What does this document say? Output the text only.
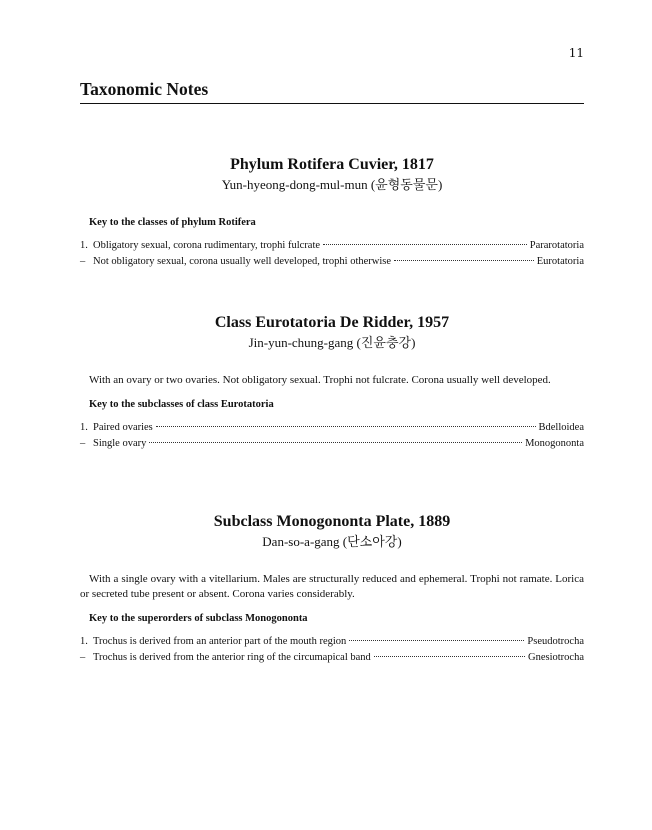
11
Taxonomic Notes
Phylum Rotifera Cuvier, 1817

Yun-hyeong-dong-mul-mun (윤형동물문)

Key to the classes of phylum Rotifera

1. Obligatory sexual, corona rudimentary, trophi fulcrate	Pararotatoria
– Not obligatory sexual, corona usually well developed, trophi otherwise	Eurotatoria
Class Eurotatoria De Ridder, 1957

Jin-yun-chung-gang (진윤충강)

With an ovary or two ovaries. Not obligatory sexual. Trophi not fulcrate. Corona usually well developed.

Key to the subclasses of class Eurotatoria

1. Paired ovaries	Bdelloidea
– Single ovary	Monogononta
Subclass Monogononta Plate, 1889

Dan-so-a-gang (단소아강)

With a single ovary with a vitellarium. Males are structurally reduced and ephemeral. Trophi not ramate. Lorica or secreted tube present or absent. Corona varies considerably.

Key to the superorders of subclass Monogononta

1. Trochus is derived from an anterior part of the mouth region	Pseudotrocha
– Trochus is derived from the anterior ring of the circumapical band	Gnesiotrocha
